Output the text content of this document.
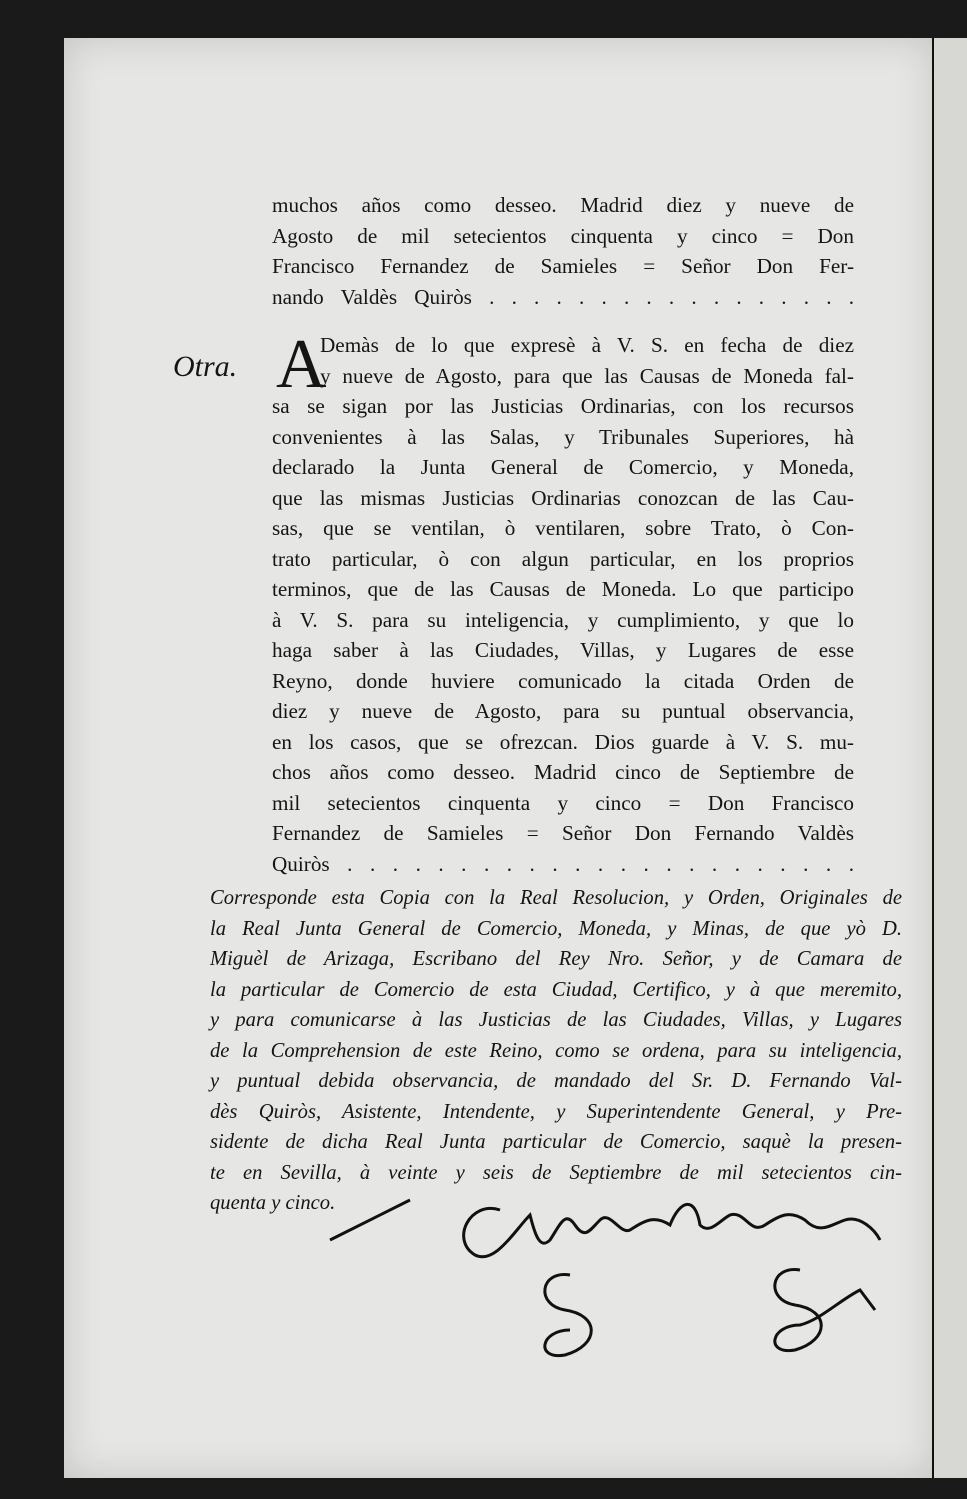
muchos años como desseo. Madrid diez y nueve de
Agosto de mil setecientos cinquenta y cinco = Don
Francisco Fernandez de Samieles = Señor Don Fer-
nando Valdès Quiròs . . . . . . . . . . . . . . . . .
Otra. A
Demàs de lo que expresè à V. S. en fecha de diez
y nueve de Agosto, para que las Causas de Moneda fal-
sa se sigan por las Justicias Ordinarias, con los recursos
convenientes à las Salas, y Tribunales Superiores, hà
declarado la Junta General de Comercio, y Moneda,
que las mismas Justicias Ordinarias conozcan de las Cau-
sas, que se ventilan, ò ventilaren, sobre Trato, ò Con-
trato particular, ò con algun particular, en los proprios
terminos, que de las Causas de Moneda. Lo que participo
à V. S. para su inteligencia, y cumplimiento, y que lo
haga saber à las Ciudades, Villas, y Lugares de esse
Reyno, donde huviere comunicado la citada Orden de
diez y nueve de Agosto, para su puntual observancia,
en los casos, que se ofrezcan. Dios guarde à V. S. mu-
chos años como desseo. Madrid cinco de Septiembre de
mil setecientos cinquenta y cinco = Don Francisco
Fernandez de Samieles = Señor Don Fernando Valdès
Quiròs . . . . . . . . . . . . . . . . . . . . . . .
Corresponde esta Copia con la Real Resolucion, y Orden, Originales de
la Real Junta General de Comercio, Moneda, y Minas, de que yò D.
Miguèl de Arizaga, Escribano del Rey Nro. Señor, y de Camara de
la particular de Comercio de esta Ciudad, Certifico, y à que meremito,
y para comunicarse à las Justicias de las Ciudades, Villas, y Lugares
de la Comprehension de este Reino, como se ordena, para su inteligencia,
y puntual debida observancia, de mandado del Sr. D. Fernando Val-
dès Quiròs, Asistente, Intendente, y Superintendente General, y Pre-
sidente de dicha Real Junta particular de Comercio, saquè la presen-
te en Sevilla, à veinte y seis de Septiembre de mil setecientos cin-
quenta y cinco.
